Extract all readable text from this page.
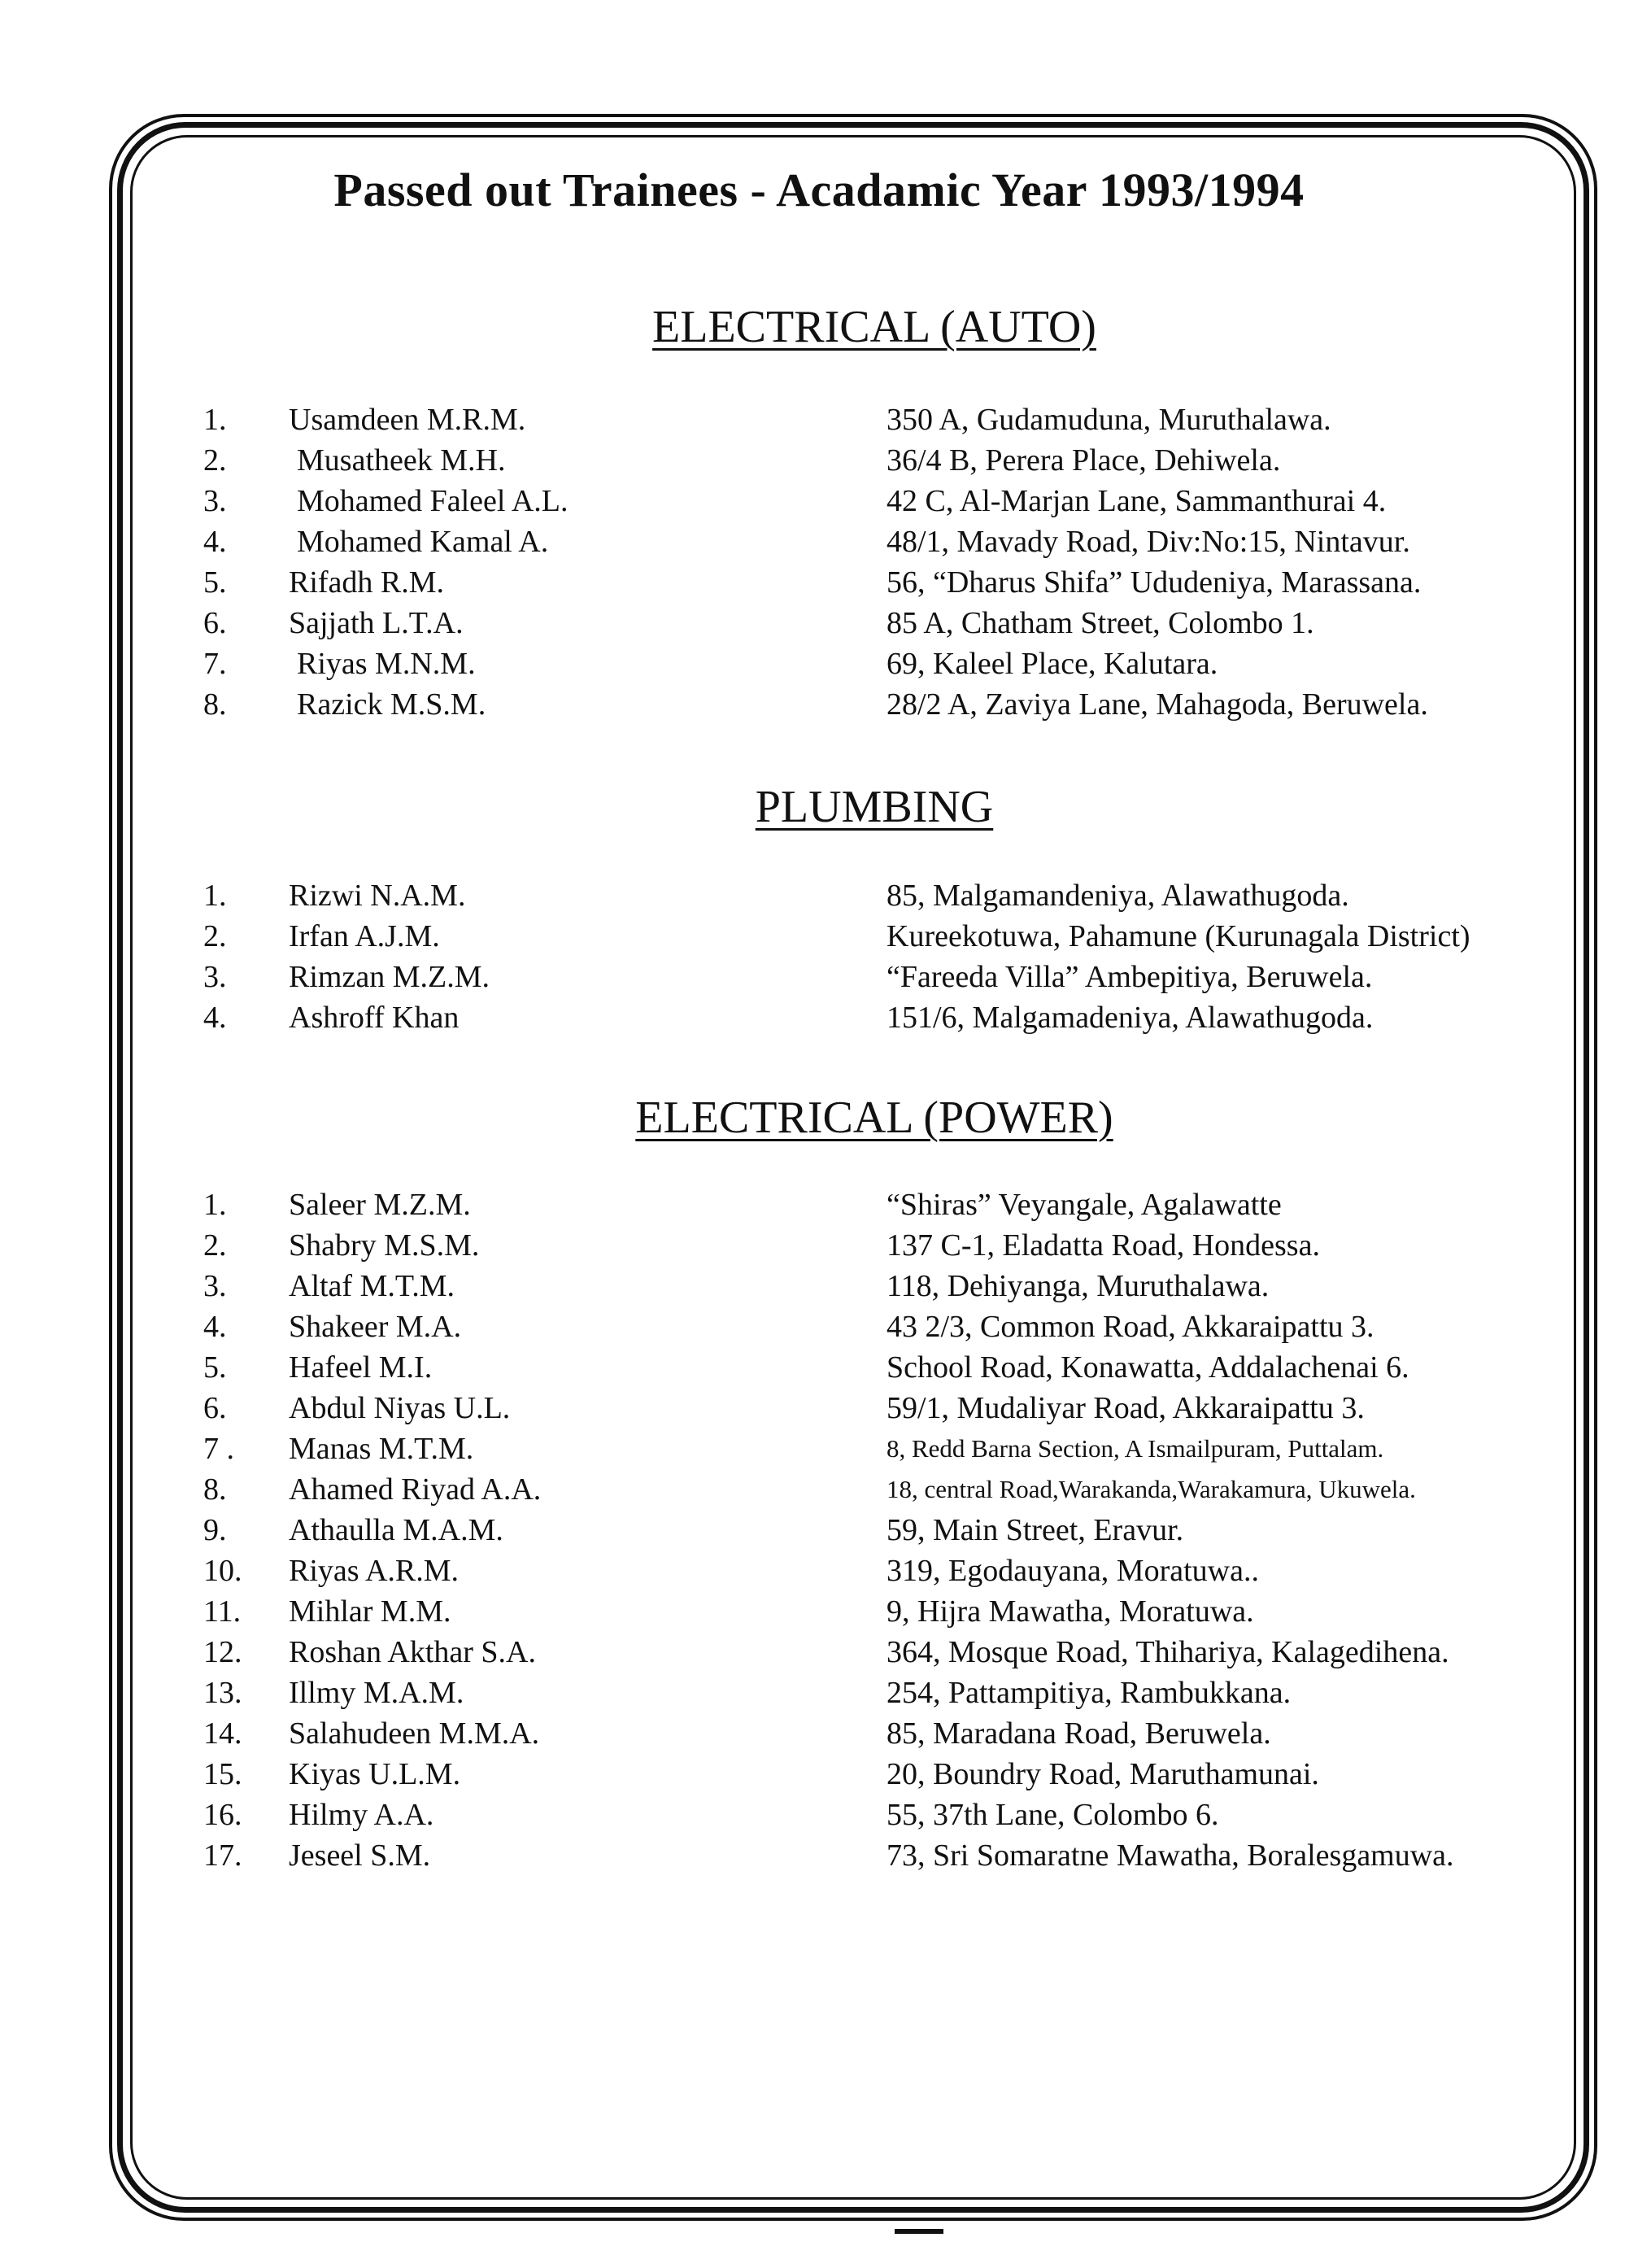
Passed out Trainees - Acadamic Year 1993/1994
ELECTRICAL (AUTO)
1. Usamdeen M.R.M.	350 A, Gudamuduna, Muruthalawa.
2. Musatheek M.H.	36/4 B, Perera Place, Dehiwela.
3. Mohamed Faleel A.L.	42 C, Al-Marjan Lane, Sammanthurai 4.
4. Mohamed Kamal A.	48/1, Mavady Road, Div:No:15, Nintavur.
5. Rifadh R.M.	56, “Dharus Shifa” Ududeniya, Marassana.
6. Sajjath L.T.A.	85 A, Chatham Street, Colombo 1.
7. Riyas M.N.M.	69, Kaleel Place, Kalutara.
8. Razick M.S.M.	28/2 A, Zaviya Lane, Mahagoda, Beruwela.
PLUMBING
1. Rizwi N.A.M.	85, Malgamandeniya, Alawathugoda.
2. Irfan A.J.M.	Kureekotuwa, Pahamune (Kurunagala District)
3. Rimzan M.Z.M.	“Fareeda Villa” Ambepitiya, Beruwela.
4. Ashroff Khan	151/6, Malgamadeniya, Alawathugoda.
ELECTRICAL (POWER)
1. Saleer M.Z.M.	“Shiras” Veyangale, Agalawatte
2. Shabry M.S.M.	137 C-1, Eladatta Road, Hondessa.
3. Altaf M.T.M.	118, Dehiyanga, Muruthalawa.
4. Shakeer M.A.	43 2/3, Common Road, Akkaraipattu 3.
5. Hafeel M.I.	School Road, Konawatta, Addalachenai 6.
6. Abdul Niyas U.L.	59/1, Mudaliyar Road, Akkaraipattu 3.
7 . Manas M.T.M.	8, Redd Barna Section, A Ismailpuram, Puttalam.
8. Ahamed Riyad A.A.	18, central Road,Warakanda,Warakamura, Ukuwela.
9. Athaulla M.A.M.	59, Main Street, Eravur.
10. Riyas A.R.M.	319, Egodauyana, Moratuwa..
11. Mihlar M.M.	9, Hijra Mawatha, Moratuwa.
12. Roshan Akthar S.A.	364, Mosque Road, Thihariya, Kalagedihena.
13. Illmy M.A.M.	254, Pattampitiya, Rambukkana.
14. Salahudeen M.M.A.	85, Maradana Road, Beruwela.
15. Kiyas U.L.M.	20, Boundry Road, Maruthamunai.
16. Hilmy A.A.	55, 37th Lane, Colombo 6.
17. Jeseel S.M.	73, Sri Somaratne Mawatha, Boralesgamuwa.
